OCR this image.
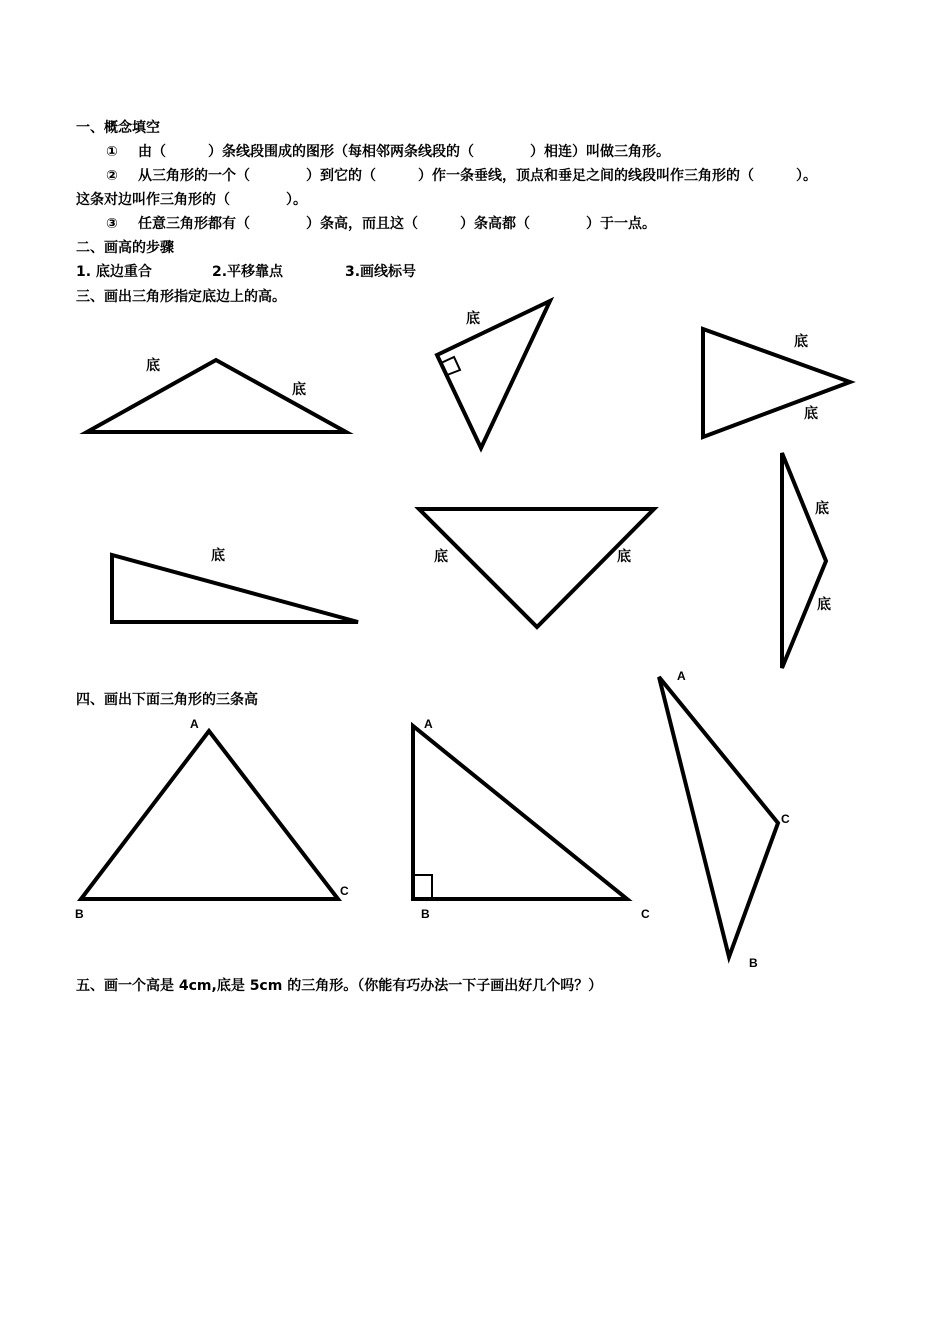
一、概念填空
① 由（　　　）条线段围成的图形（每相邻两条线段的（　　　　）相连）叫做三角形。
② 从三角形的一个（　　　　）到它的（　　　）作一条垂线，顶点和垂足之间的线段叫作三角形的（　　　）。
这条对边叫作三角形的（　　　　）。
③ 任意三角形都有（　　　　）条高，而且这（　　　）条高都（　　　　）于一点。
二、画高的步骤
1. 底边重合	2.平移靠点	3.画线标号
三、画出三角形指定底边上的高。
四、画出下面三角形的三条高
五、画一个高是 4cm,底是 5cm 的三角形。（你能有巧办法一下子画出好几个吗？）
底
底
底
底
底
底	底	底
底
底
A
B
C
A
B	C
A
C
B
